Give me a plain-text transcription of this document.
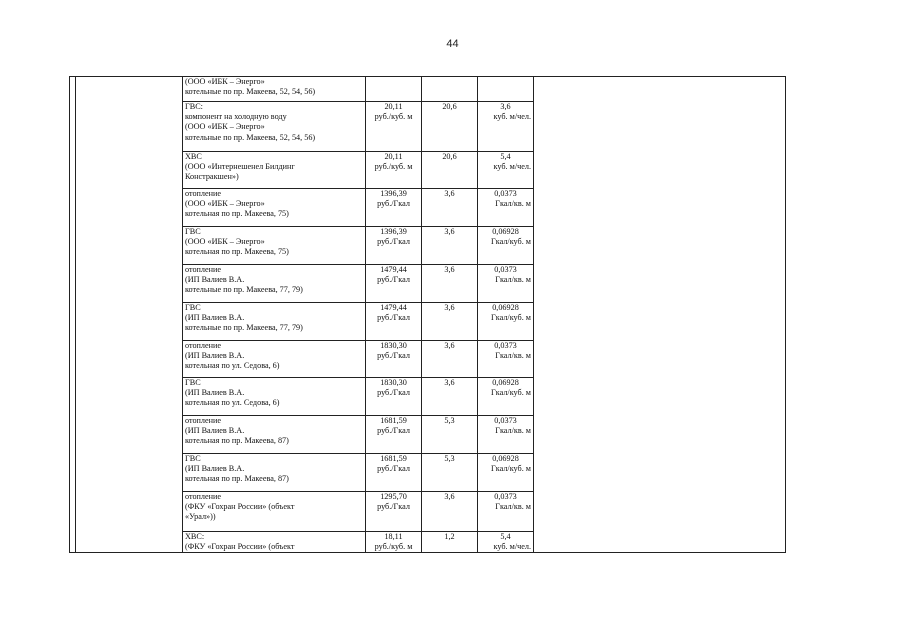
44

		(ООО «ИБК – Энерго»
котельные по пр. Макеева, 52, 54, 56)				

		ГВС:
компонент на холодную воду
(ООО «ИБК – Энерго»
котельные по пр. Макеева, 52, 54, 56)	20,11
руб./куб. м	20,6	3,6
куб. м/чел.	

		ХВС
(ООО «Интернешенел Билдинг
Констракшен»)	20,11
руб./куб. м	20,6	5,4
куб. м/чел.	

		отопление
(ООО «ИБК – Энерго»
котельная по пр. Макеева, 75)	1396,39
руб./Гкал	3,6	0,0373
Гкал/кв. м	

		ГВС
(ООО «ИБК – Энерго»
котельная по пр. Макеева, 75)	1396,39
руб./Гкал	3,6	0,06928
Гкал/куб. м	

		отопление
(ИП Валиев В.А.
котельные по пр. Макеева, 77, 79)	1479,44
руб./Гкал	3,6	0,0373
Гкал/кв. м	

		ГВС
(ИП Валиев В.А.
котельные по пр. Макеева, 77, 79)	1479,44
руб./Гкал	3,6	0,06928
Гкал/куб. м	

		отопление
(ИП Валиев В.А.
котельная по ул. Седова, 6)	1830,30
руб./Гкал	3,6	0,0373
Гкал/кв. м	

		ГВС
(ИП Валиев В.А.
котельная по ул. Седова, 6)	1830,30
руб./Гкал	3,6	0,06928
Гкал/куб. м	

		отопление
(ИП Валиев В.А.
котельная по пр. Макеева, 87)	1681,59
руб./Гкал	5,3	0,0373
Гкал/кв. м	

		ГВС
(ИП Валиев В.А.
котельная по пр. Макеева, 87)	1681,59
руб./Гкал	5,3	0,06928
Гкал/куб. м	

		отопление
(ФКУ «Гохран России» (объект
«Урал»))	1295,70
руб./Гкал	3,6	0,0373
Гкал/кв. м	

		ХВС:
(ФКУ «Гохран России» (объект	18,11
руб./куб. м	1,2	5,4
куб. м/чел.	
